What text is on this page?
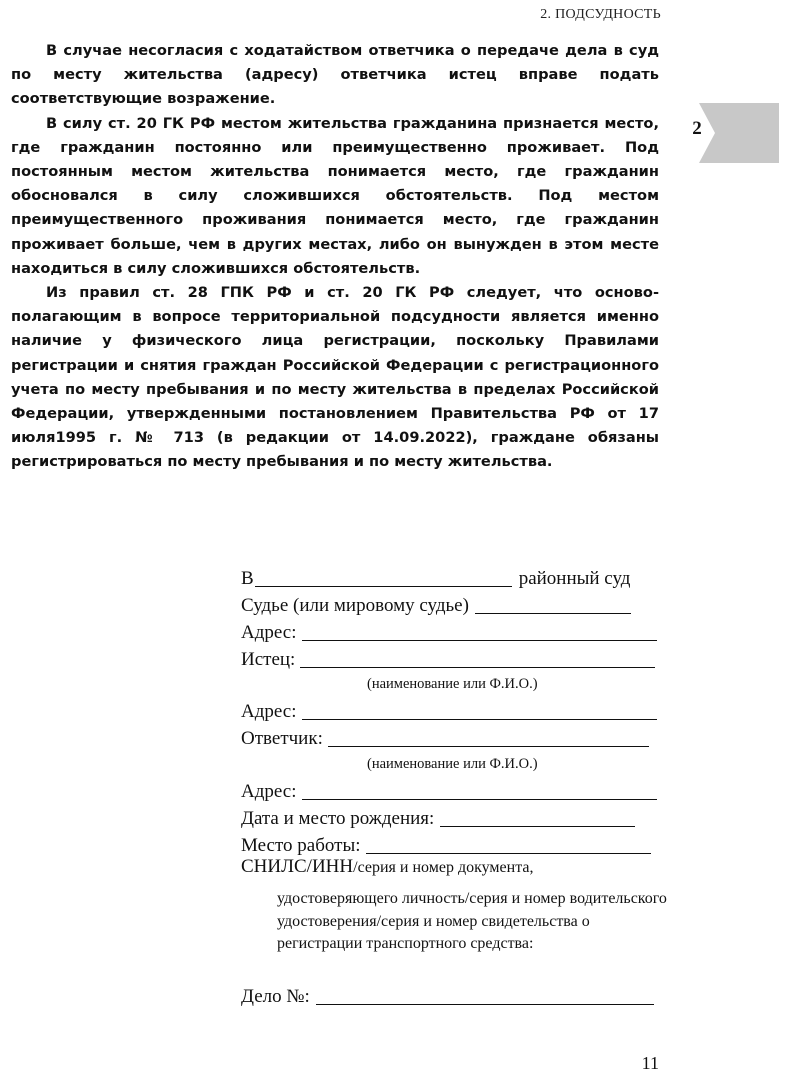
2. ПОДСУДНОСТЬ
2

В случае несогласия с ходатайством ответчика о передаче дела в суд по месту жительства (адресу) ответчика истец вправе подать соответствующие возражение.

В силу ст. 20 ГК РФ местом жительства гражданина признается место, где гражданин постоянно или преимущественно проживает. Под постоянным местом жительства понимается место, где гражданин обосновался в силу сложившихся обстоятельств. Под местом преимущественного проживания понимается место, где гражданин проживает больше, чем в других местах, либо он вынужден в этом месте находиться в силу сложившихся обстоятельств.

Из правил ст. 28 ГПК РФ и ст. 20 ГК РФ следует, что основополагающим в вопросе территориальной подсудности является именно наличие у физического лица регистрации, поскольку Правилами регистрации и снятия граждан Российской Федерации с регистрационного учета по месту пребывания и по месту жительства в пределах Российской Федерации, утвержденными постановлением Правительства РФ от 17 июля1995 г. № 713 (в редакции от 14.09.2022), граждане обязаны регистрироваться по месту пребывания и по месту жительства.

В	районный суд
Судье (или мировому судье)
Адрес:
Истец:
(наименование или Ф.И.О.)
Адрес:
Ответчик:
(наименование или Ф.И.О.)
Адрес:
Дата и место рождения:
Место работы:
СНИЛС/ИНН/серия и номер документа,
удостоверяющего личность/серия и номер водительского удостоверения/серия и номер свидетельства о регистрации транспортного средства:
Дело №:
11
